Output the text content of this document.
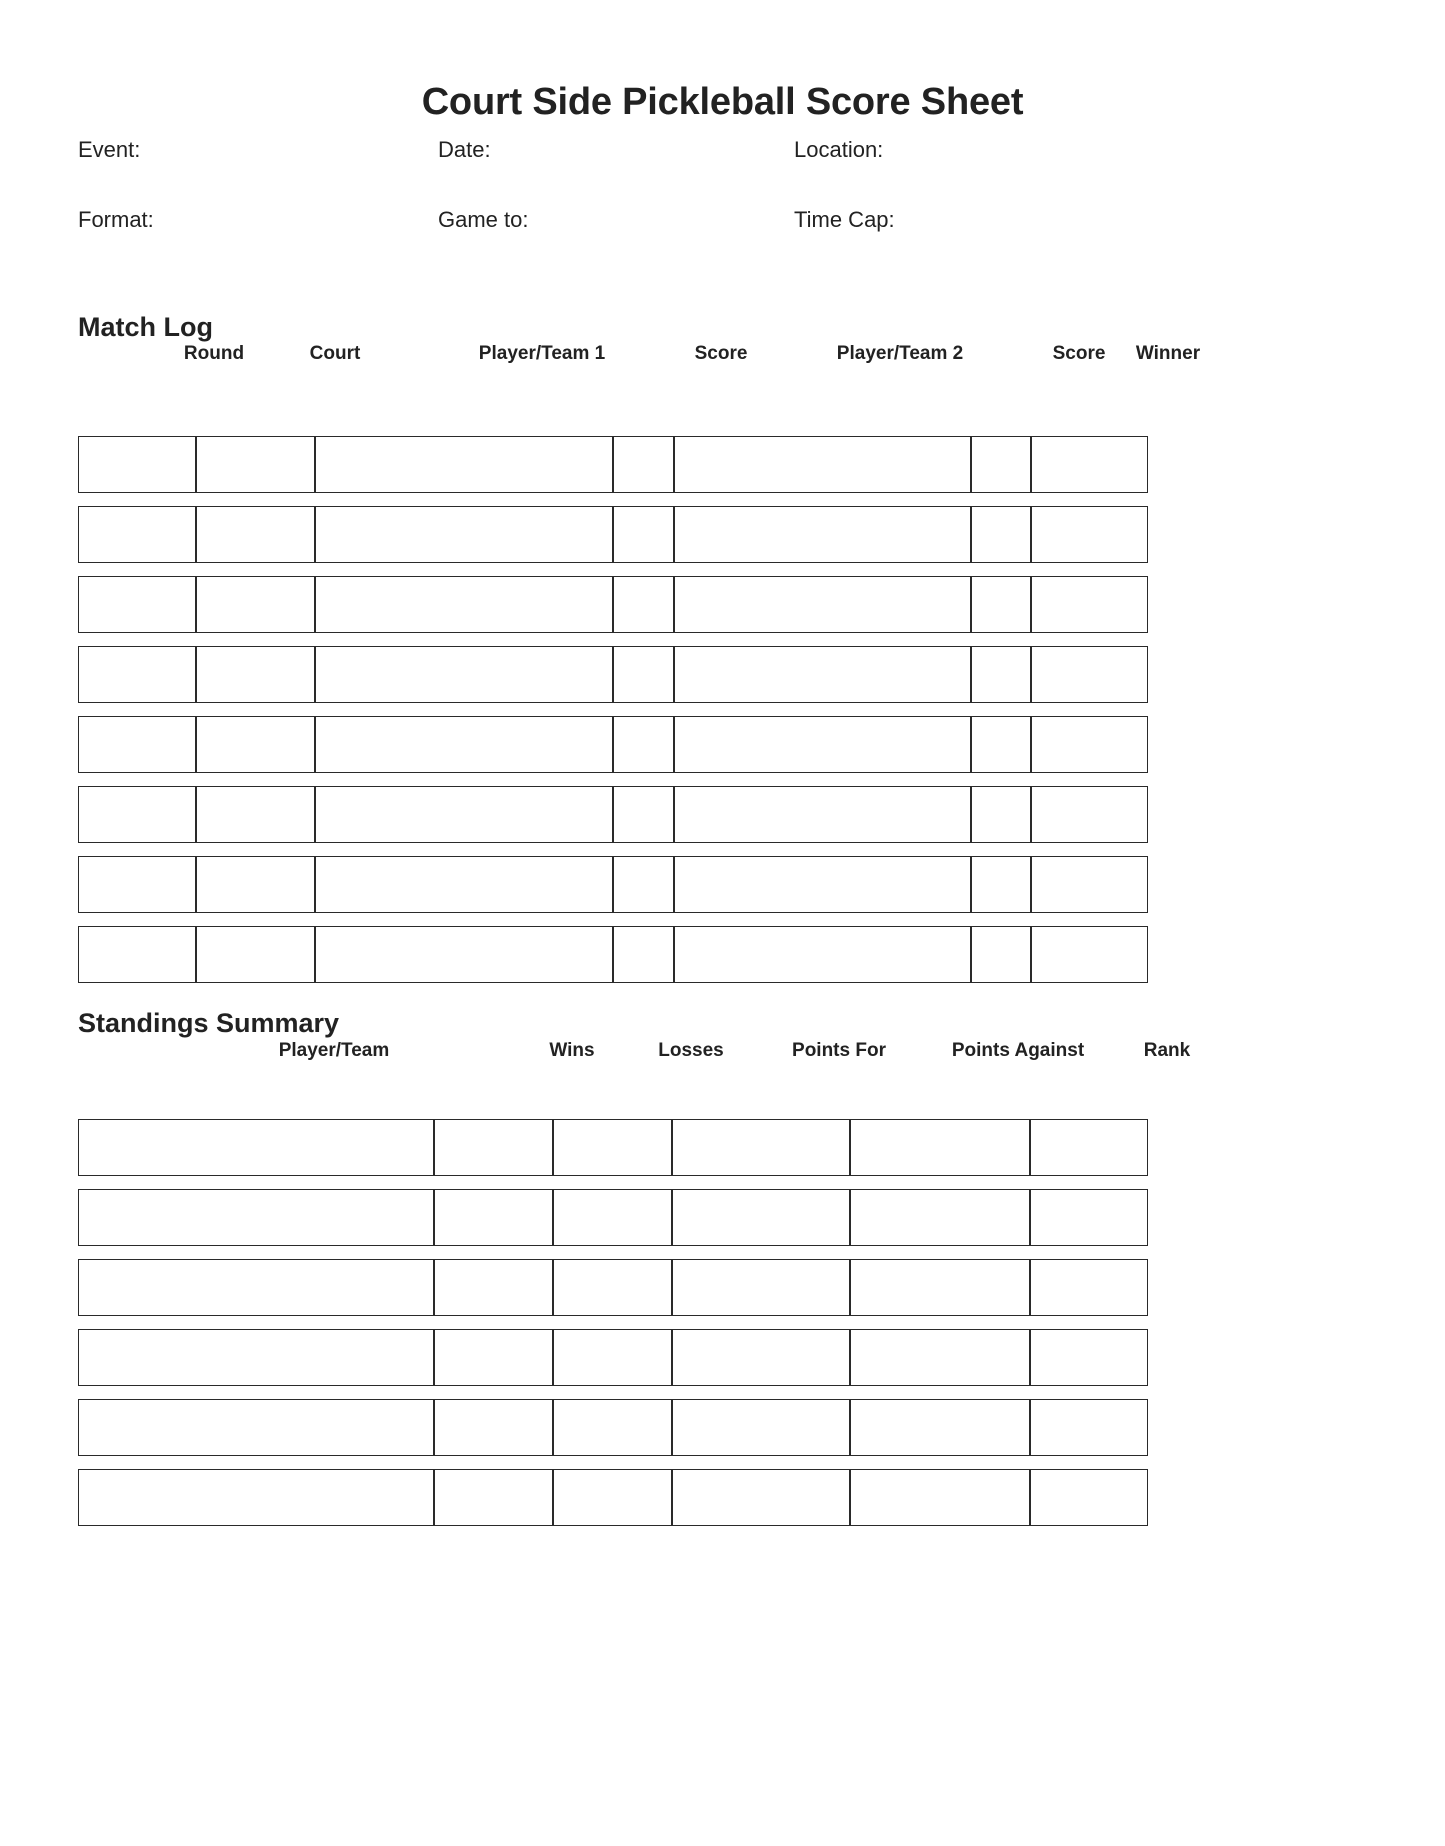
Court Side Pickleball Score Sheet
Event:	Date:	Location:
Format:	Game to:	Time Cap:
Match Log
Round	Court	Player/Team 1	Score	Player/Team 2	Score	Winner

Standings Summary
Player/Team	Wins	Losses	Points For	Points Against	Rank
